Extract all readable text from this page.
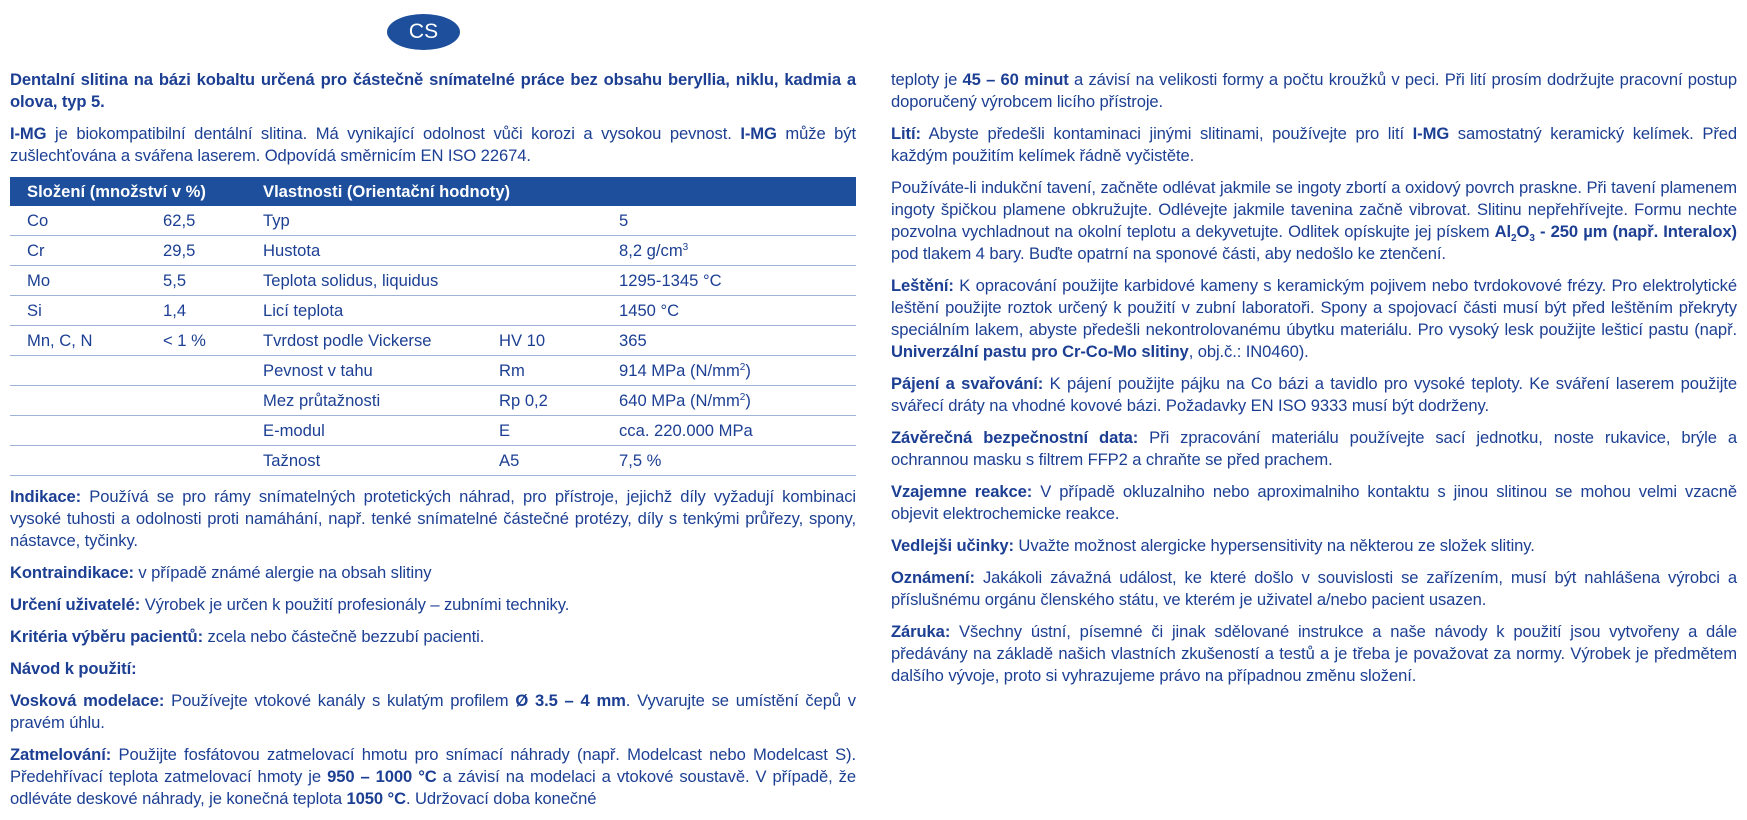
CS

Dentalní slitina na bázi kobaltu určená pro částečně snímatelné práce bez obsahu beryllia, niklu, kadmia a olova, typ 5.

I-MG je biokompatibilní dentální slitina. Má vynikající odolnost vůči korozi a vysokou pevnost. I-MG může být zušlechťována a svářena laserem. Odpovídá směrnicím EN ISO 22674.

Složení (množství v %)		Vlastnosti (Orientační hodnoty)		
Co	62,5	Typ		5
Cr	29,5	Hustota		8,2 $g/cm^3$
Mo	5,5	Teplota solidus, liquidus		1295-1345 °C
Si	1,4	Licí teplota		1450 °C
Mn, C, N	< 1 %	Tvrdost podle Vickerse	HV 10	365
		Pevnost v tahu	Rm	914 MPa $(N/mm^2)$
		Mez průtažnosti	Rp 0,2	640 MPa $(N/mm^2)$
		E-modul	E	cca. 220.000 MPa
		Tažnost	A5	7,5 %

Indikace: Používá se pro rámy snímatelných protetických náhrad, pro přístroje, jejichž díly vyžadují kombinaci vysoké tuhosti a odolnosti proti namáhání, např. tenké snímatelné částečné protézy, díly s tenkými průřezy, spony, nástavce, tyčinky.

Kontraindikace: v případě známé alergie na obsah slitiny

Určení uživatelé: Výrobek je určen k použití profesionály – zubními techniky.

Kritéria výběru pacientů: zcela nebo částečně bezzubí pacienti.

Návod k použití:

Vosková modelace: Používejte vtokové kanály s kulatým profilem Ø 3.5 – 4 mm. Vyvarujte se umístění čepů v pravém úhlu.

Zatmelování: Použijte fosfátovou zatmelovací hmotu pro snímací náhrady (např. Modelcast nebo Modelcast S). Předehřívací teplota zatmelovací hmoty je 950 – 1000 °C a závisí na modelaci a vtokové soustavě. V případě, že odléváte deskové náhrady, je konečná teplota 1050 °C. Udržovací doba konečné

teploty je 45 – 60 minut a závisí na velikosti formy a počtu kroužků v peci. Při lití prosím dodržujte pracovní postup doporučený výrobcem licího přístroje.

Lití: Abyste předešli kontaminaci jinými slitinami, používejte pro lití I-MG samostatný keramický kelímek. Před každým použitím kelímek řádně vyčistěte.

Používáte-li indukční tavení, začněte odlévat jakmile se ingoty zbortí a oxidový povrch praskne. Při tavení plamenem ingoty špičkou plamene obkružujte. Odlévejte jakmile tavenina začně vibrovat. Slitinu nepřehřívejte. Formu nechte pozvolna vychladnout na okolní teplotu a dekyvetujte. Odlitek opískujte jej pískem $Al_2O_3 - 250$ µm (např. Interalox) pod tlakem 4 bary. Buďte opatrní na sponové části, aby nedošlo ke ztenčení.

Leštění: K opracování použijte karbidové kameny s keramickým pojivem nebo tvrdokovové frézy. Pro elektrolytické leštění použijte roztok určený k použití v zubní laboratoři. Spony a spojovací části musí být před leštěním překryty speciálním lakem, abyste předešli nekontrolovanému úbytku materiálu. Pro vysoký lesk použijte lešticí pastu (např. Univerzální pastu pro Cr-Co-Mo slitiny, obj.č.: IN0460).

Pájení a svařování: K pájení použijte pájku na Co bázi a tavidlo pro vysoké teploty. Ke sváření laserem použijte svářecí dráty na vhodné kovové bázi. Požadavky EN ISO 9333 musí být dodrženy.

Závěrečná bezpečnostní data: Při zpracování materiálu používejte sací jednotku, noste rukavice, brýle a ochrannou masku s filtrem FFP2 a chraňte se před prachem.

Vzajemne reakce: V případě okluzalniho nebo aproximalniho kontaktu s jinou slitinou se mohou velmi vzacně objevit elektrochemicke reakce.

Vedlejši učinky: Uvažte možnost alergicke hypersensitivity na některou ze složek slitiny.

Oznámení: Jakákoli závažná událost, ke které došlo v souvislosti se zařízením, musí být nahlášena výrobci a příslušnému orgánu členského státu, ve kterém je uživatel a/nebo pacient usazen.

Záruka: Všechny ústní, písemné či jinak sdělované instrukce a naše návody k použití jsou vytvořeny a dále předávány na základě našich vlastních zkušeností a testů a je třeba je považovat za normy. Výrobek je předmětem dalšího vývoje, proto si vyhrazujeme právo na případnou změnu složení.
